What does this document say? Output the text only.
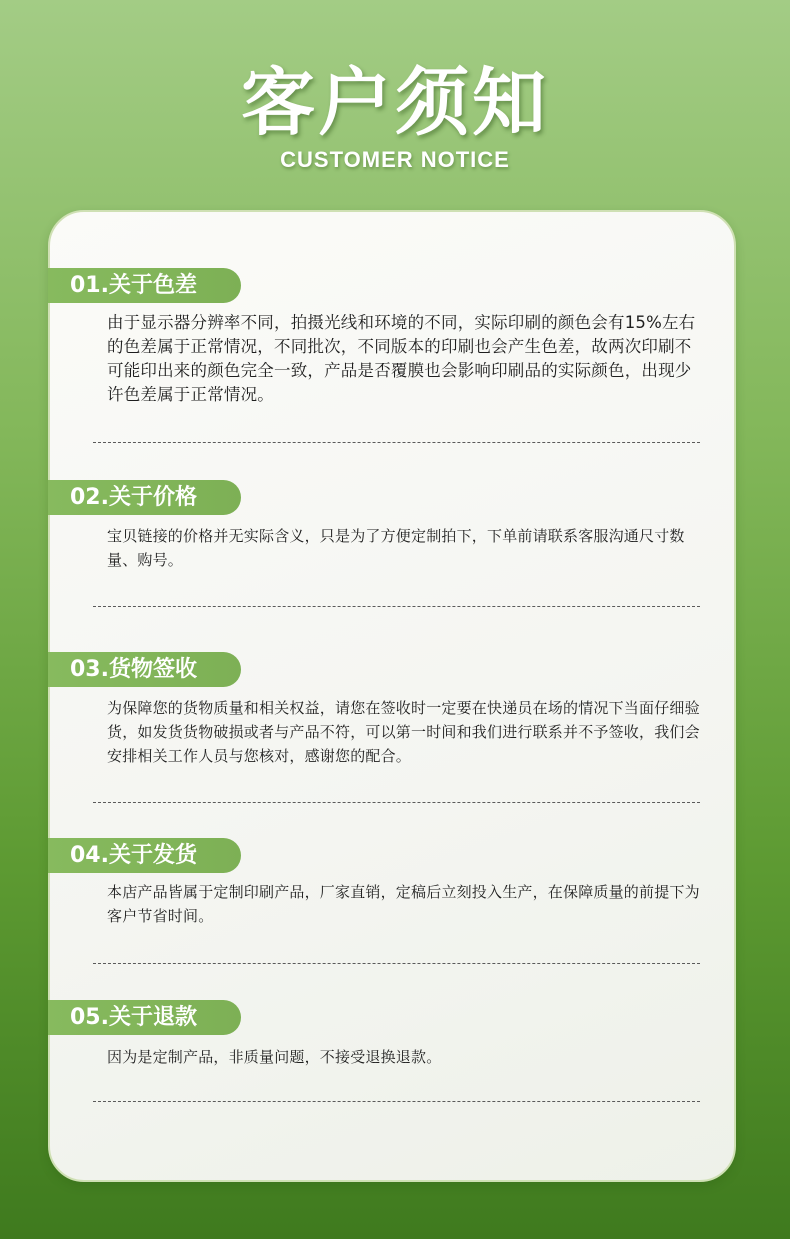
客户须知
CUSTOMER NOTICE
01.关于色差
由于显示器分辨率不同，拍摄光线和环境的不同，实际印刷的颜色会有15%左右的色差属于正常情况，不同批次，不同版本的印刷也会产生色差，故两次印刷不可能印出来的颜色完全一致，产品是否覆膜也会影响印刷品的实际颜色，出现少许色差属于正常情况。
02.关于价格
宝贝链接的价格并无实际含义，只是为了方便定制拍下，下单前请联系客服沟通尺寸数量、购号。
03.货物签收
为保障您的货物质量和相关权益，请您在签收时一定要在快递员在场的情况下当面仔细验货，如发货货物破损或者与产品不符，可以第一时间和我们进行联系并不予签收，我们会安排相关工作人员与您核对，感谢您的配合。
04.关于发货
本店产品皆属于定制印刷产品，厂家直销，定稿后立刻投入生产，在保障质量的前提下为客户节省时间。
05.关于退款
因为是定制产品，非质量问题，不接受退换退款。
